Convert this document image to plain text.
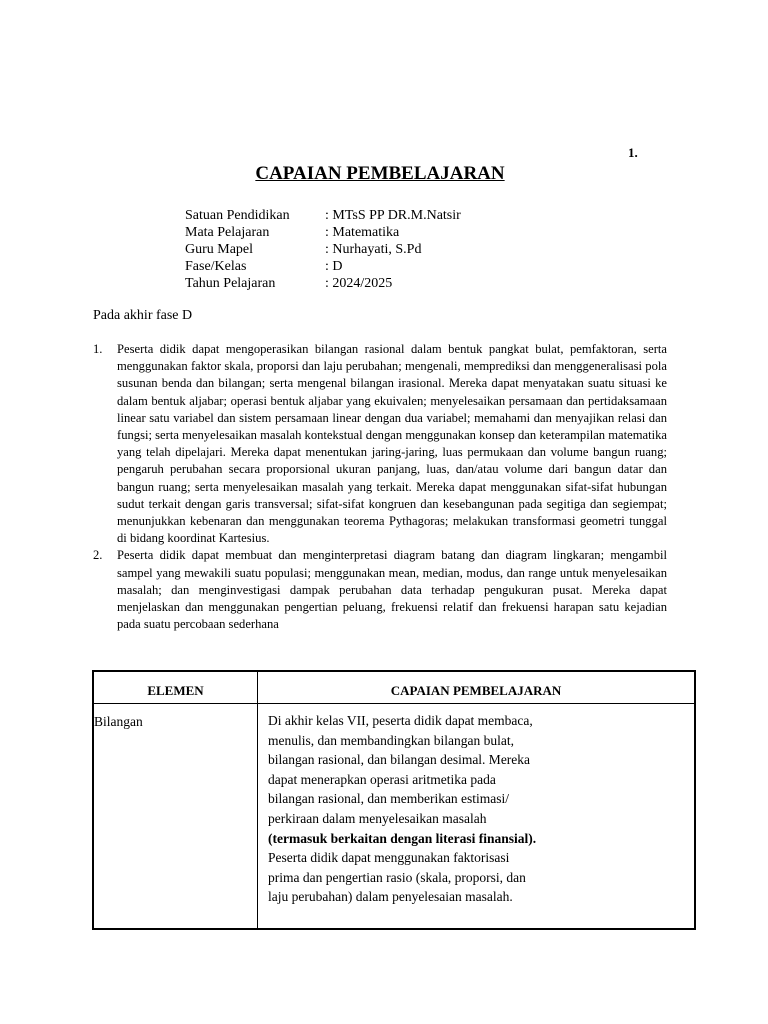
1.
CAPAIAN PEMBELAJARAN
Satuan Pendidikan	: MTsS PP DR.M.Natsir
Mata Pelajaran	: Matematika
Guru Mapel	: Nurhayati, S.Pd
Fase/Kelas	: D
Tahun Pelajaran	: 2024/2025
Pada akhir fase D
1.	Peserta didik dapat mengoperasikan bilangan rasional dalam bentuk pangkat bulat, pemfaktoran, serta menggunakan faktor skala, proporsi dan laju perubahan; mengenali, memprediksi dan menggeneralisasi pola susunan benda dan bilangan; serta mengenal bilangan irasional. Mereka dapat menyatakan suatu situasi ke dalam bentuk aljabar; operasi bentuk aljabar yang ekuivalen; menyelesaikan persamaan dan pertidaksamaan linear satu variabel dan sistem persamaan linear dengan dua variabel; memahami dan menyajikan relasi dan fungsi; serta menyelesaikan masalah kontekstual dengan menggunakan konsep dan keterampilan matematika yang telah dipelajari. Mereka dapat menentukan jaring-jaring, luas permukaan dan volume bangun ruang; pengaruh perubahan secara proporsional ukuran panjang, luas, dan/atau volume dari bangun datar dan bangun ruang; serta menyelesaikan masalah yang terkait. Mereka dapat menggunakan sifat-sifat hubungan sudut terkait dengan garis transversal; sifat-sifat kongruen dan kesebangunan pada segitiga dan segiempat; menunjukkan kebenaran dan menggunakan teorema Pythagoras; melakukan transformasi geometri tunggal di bidang koordinat Kartesius.
2.	Peserta didik dapat membuat dan menginterpretasi diagram batang dan diagram lingkaran; mengambil sampel yang mewakili suatu populasi; menggunakan mean, median, modus, dan range untuk menyelesaikan masalah; dan menginvestigasi dampak perubahan data terhadap pengukuran pusat. Mereka dapat menjelaskan dan menggunakan pengertian peluang, frekuensi relatif dan frekuensi harapan satu kejadian pada suatu percobaan sederhana
ELEMEN	CAPAIAN PEMBELAJARAN
Bilangan	Di akhir kelas VII, peserta didik dapat membaca,
menulis, dan membandingkan bilangan bulat,
bilangan rasional, dan bilangan desimal. Mereka
dapat menerapkan operasi aritmetika pada
bilangan rasional, dan memberikan estimasi/
perkiraan dalam menyelesaikan masalah
(termasuk berkaitan dengan literasi finansial).
Peserta didik dapat menggunakan faktorisasi
prima dan pengertian rasio (skala, proporsi, dan
laju perubahan) dalam penyelesaian masalah.
